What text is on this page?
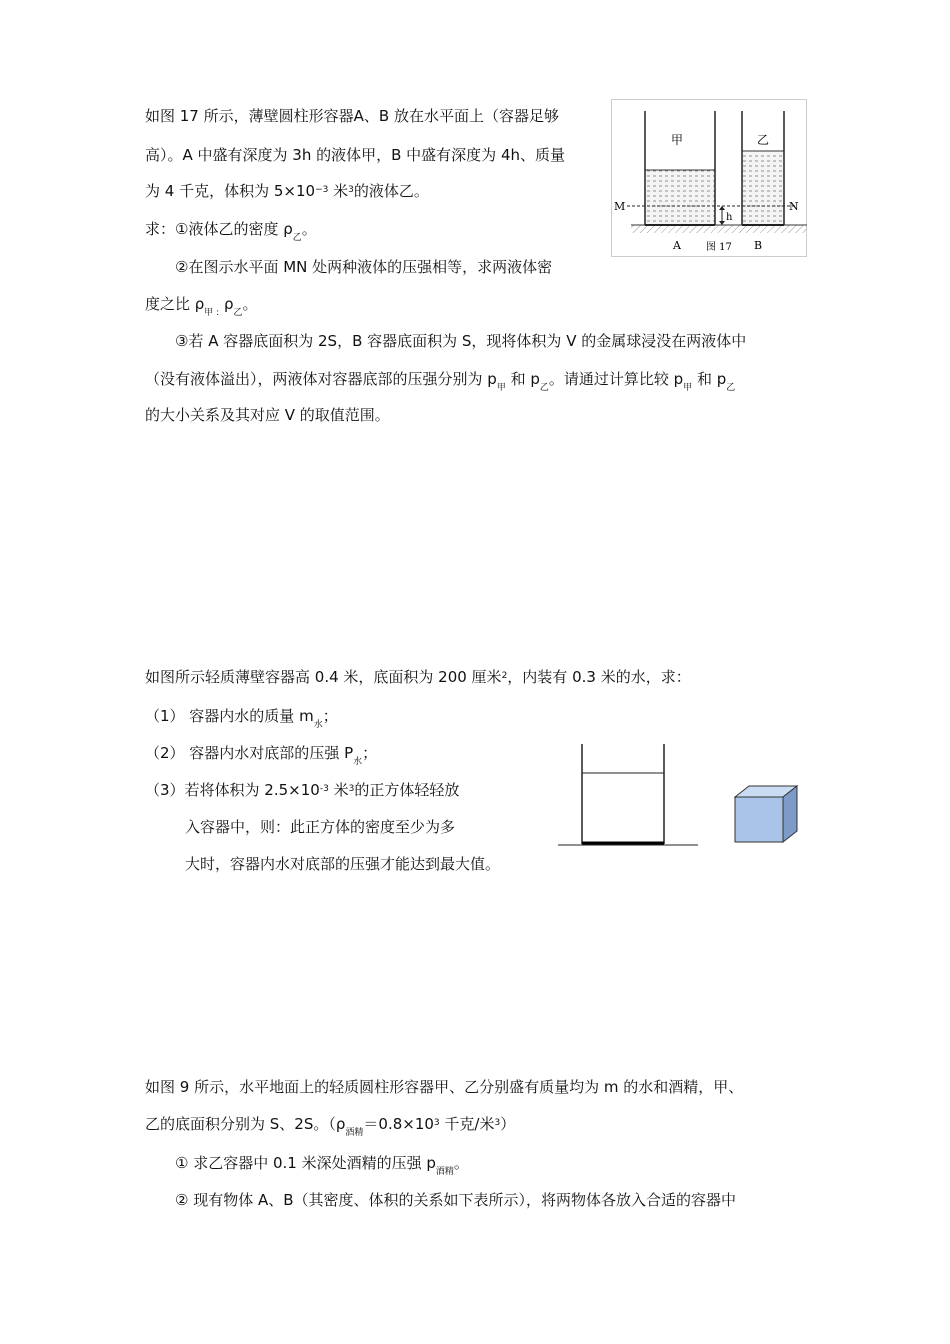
如图 17 所示，薄壁圆柱形容器A、B 放在水平面上（容器足够
高）。A 中盛有深度为 3h 的液体甲，B 中盛有深度为 4h、质量
为 4 千克，体积为 $5\times 10^{-3}$ 米$^3$的液体乙。
求：①液体乙的密度 $\rho_乙$。
②在图示水平面 MN 处两种液体的压强相等，求两液体密
度之比 $\rho_{甲 :}$ $\rho_乙$。
③若 A 容器底面积为 2S，B 容器底面积为 S，现将体积为 V 的金属球浸没在两液体中
（没有液体溢出），两液体对容器底部的压强分别为 $p_甲$ 和 $p_乙$。请通过计算比较 $p_甲$ 和 $p_乙$
的大小关系及其对应 V 的取值范围。
甲	乙
M	N
h
A	图 17 B
如图所示轻质薄壁容器高 0.4 米，底面积为 200 厘米$^2$，内装有 0.3 米的水，求：
（1） 容器内水的质量 $m_水$；
（2） 容器内水对底部的压强 $P_水$；
（3）若将体积为 $2.5\times 10^{-3}$ 米$^3$的正方体轻轻放
入容器中，则：此正方体的密度至少为多
大时，容器内水对底部的压强才能达到最大值。
如图 9 所示，水平地面上的轻质圆柱形容器甲、乙分别盛有质量均为 m 的水和酒精，甲、
乙的底面积分别为 S、2S。（$\rho_{酒精}=0.8\times 10^3$ 千克/米$^3$）
① 求乙容器中 0.1 米深处酒精的压强 $p_{酒精}$。
② 现有物体 A、B（其密度、体积的关系如下表所示），将两物体各放入合适的容器中
